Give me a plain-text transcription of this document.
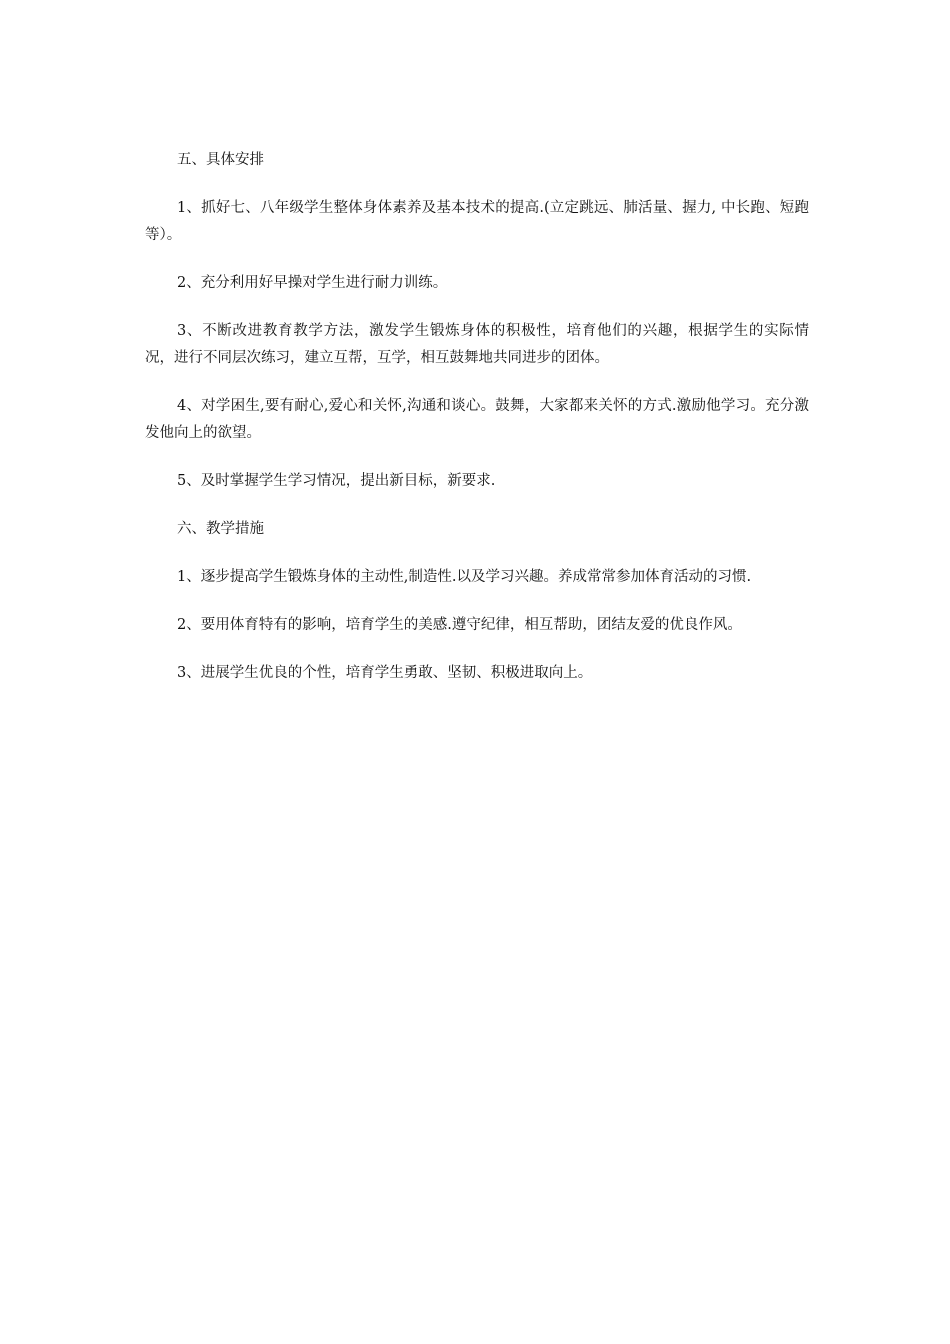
五、具体安排

1、抓好七、八年级学生整体身体素养及基本技术的提高.(立定跳远、肺活量、握力, 中长跑、短跑等）。

2、充分利用好早操对学生进行耐力训练。

3、不断改进教育教学方法，激发学生锻炼身体的积极性，培育他们的兴趣，根据学生的实际情况，进行不同层次练习，建立互帮，互学，相互鼓舞地共同进步的团体。

4、对学困生,要有耐心,爱心和关怀,沟通和谈心。鼓舞，大家都来关怀的方式.激励他学习。充分激发他向上的欲望。

5、及时掌握学生学习情况，提出新目标，新要求.

六、教学措施

1、逐步提高学生锻炼身体的主动性,制造性.以及学习兴趣。养成常常参加体育活动的习惯.

2、要用体育特有的影响，培育学生的美感.遵守纪律，相互帮助，团结友爱的优良作风。

3、进展学生优良的个性，培育学生勇敢、坚韧、积极进取向上。
